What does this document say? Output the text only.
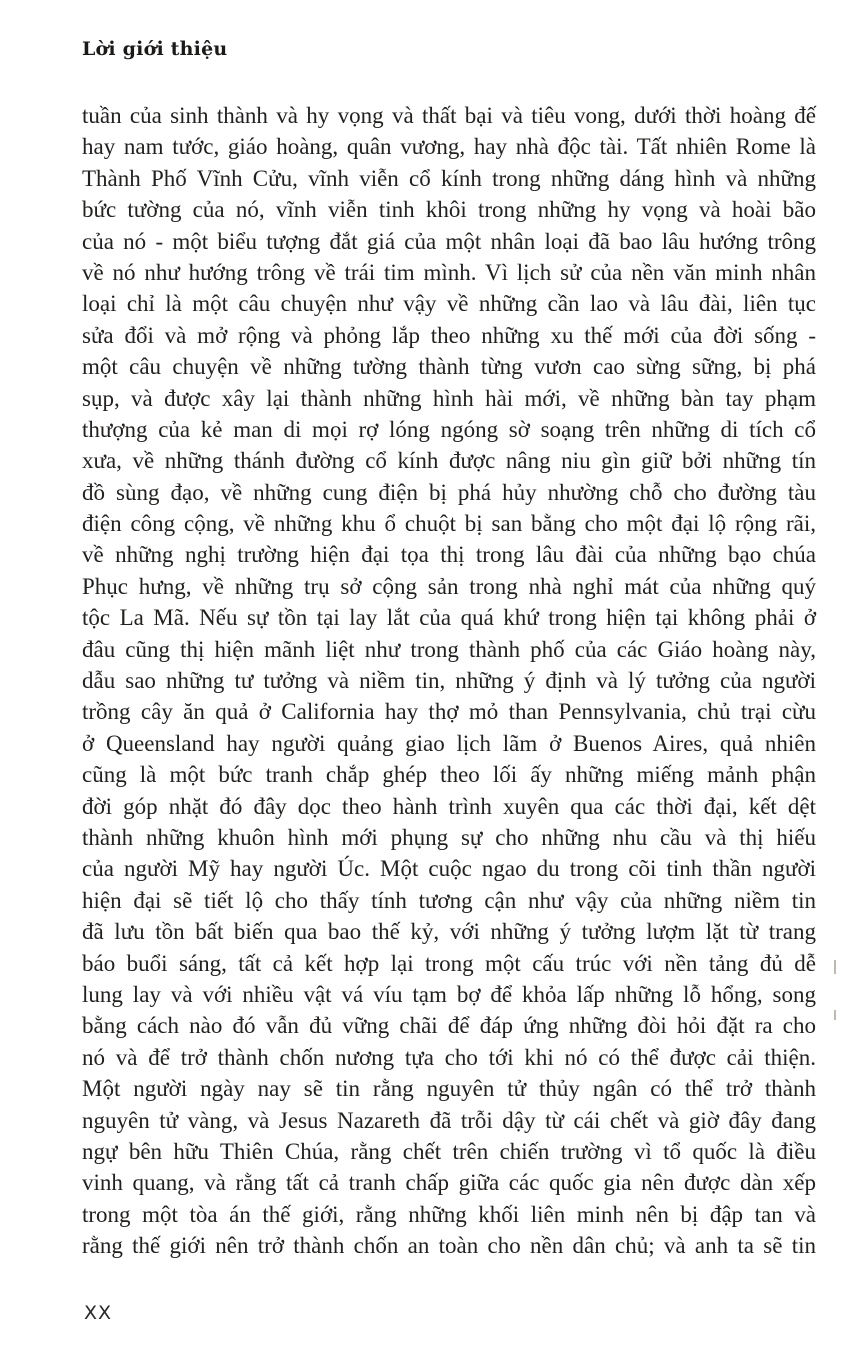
Lời giới thiệu
tuần của sinh thành và hy vọng và thất bại và tiêu vong, dưới thời hoàng đế
hay nam tước, giáo hoàng, quân vương, hay nhà độc tài. Tất nhiên Rome là
Thành Phố Vĩnh Cửu, vĩnh viễn cổ kính trong những dáng hình và những
bức tường của nó, vĩnh viễn tinh khôi trong những hy vọng và hoài bão
của nó - một biểu tượng đắt giá của một nhân loại đã bao lâu hướng trông
về nó như hướng trông về trái tim mình. Vì lịch sử của nền văn minh nhân
loại chỉ là một câu chuyện như vậy về những cần lao và lâu đài, liên tục
sửa đổi và mở rộng và phỏng lắp theo những xu thế mới của đời sống -
một câu chuyện về những tường thành từng vươn cao sừng sững, bị phá
sụp, và được xây lại thành những hình hài mới, về những bàn tay phạm
thượng của kẻ man di mọi rợ lóng ngóng sờ soạng trên những di tích cổ
xưa, về những thánh đường cổ kính được nâng niu gìn giữ bởi những tín
đồ sùng đạo, về những cung điện bị phá hủy nhường chỗ cho đường tàu
điện công cộng, về những khu ổ chuột bị san bằng cho một đại lộ rộng rãi,
về những nghị trường hiện đại tọa thị trong lâu đài của những bạo chúa
Phục hưng, về những trụ sở cộng sản trong nhà nghỉ mát của những quý
tộc La Mã. Nếu sự tồn tại lay lắt của quá khứ trong hiện tại không phải ở
đâu cũng thị hiện mãnh liệt như trong thành phố của các Giáo hoàng này,
dẫu sao những tư tưởng và niềm tin, những ý định và lý tưởng của người
trồng cây ăn quả ở California hay thợ mỏ than Pennsylvania, chủ trại cừu
ở Queensland hay người quảng giao lịch lãm ở Buenos Aires, quả nhiên
cũng là một bức tranh chắp ghép theo lối ấy những miếng mảnh phận
đời góp nhặt đó đây dọc theo hành trình xuyên qua các thời đại, kết dệt
thành những khuôn hình mới phụng sự cho những nhu cầu và thị hiếu
của người Mỹ hay người Úc. Một cuộc ngao du trong cõi tinh thần người
hiện đại sẽ tiết lộ cho thấy tính tương cận như vậy của những niềm tin
đã lưu tồn bất biến qua bao thế kỷ, với những ý tưởng lượm lặt từ trang
báo buổi sáng, tất cả kết hợp lại trong một cấu trúc với nền tảng đủ dễ
lung lay và với nhiều vật vá víu tạm bợ để khỏa lấp những lỗ hổng, song
bằng cách nào đó vẫn đủ vững chãi để đáp ứng những đòi hỏi đặt ra cho
nó và để trở thành chốn nương tựa cho tới khi nó có thể được cải thiện.
Một người ngày nay sẽ tin rằng nguyên tử thủy ngân có thể trở thành
nguyên tử vàng, và Jesus Nazareth đã trỗi dậy từ cái chết và giờ đây đang
ngự bên hữu Thiên Chúa, rằng chết trên chiến trường vì tổ quốc là điều
vinh quang, và rằng tất cả tranh chấp giữa các quốc gia nên được dàn xếp
trong một tòa án thế giới, rằng những khối liên minh nên bị đập tan và
rằng thế giới nên trở thành chốn an toàn cho nền dân chủ; và anh ta sẽ tin
XX
